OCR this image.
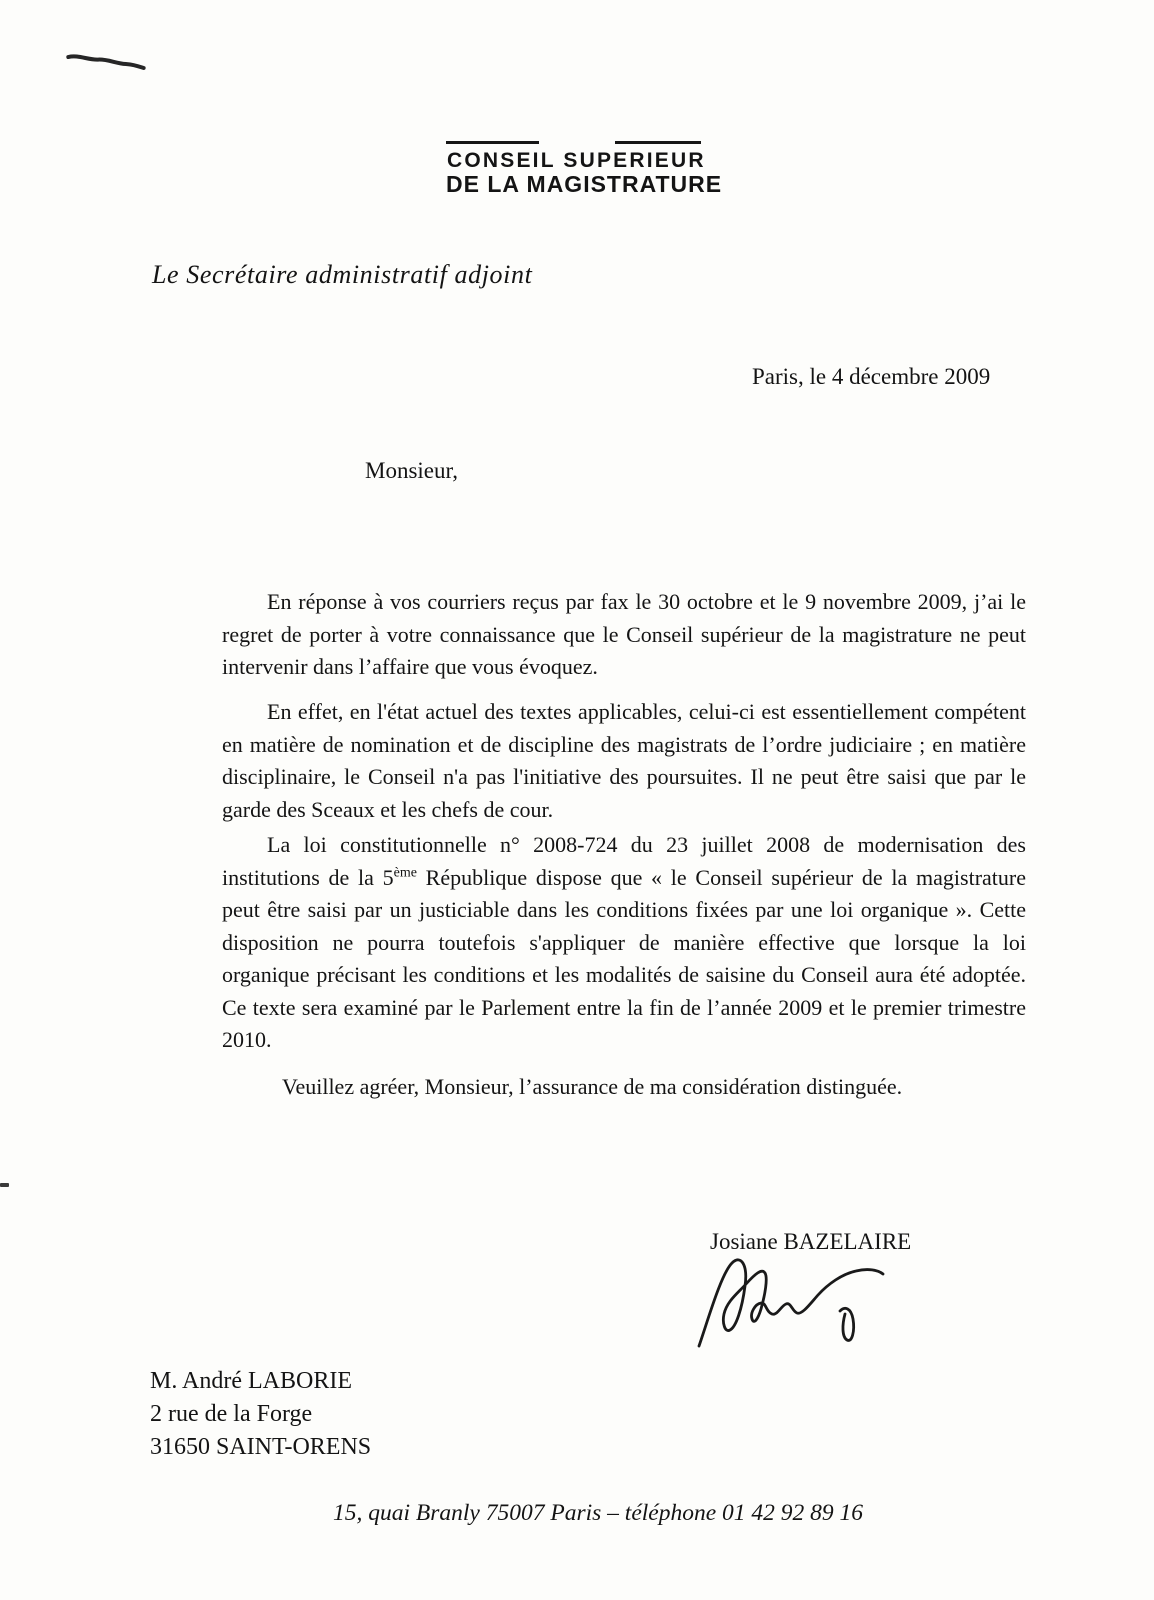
CONSEIL SUPERIEUR
DE LA MAGISTRATURE
Le Secrétaire administratif adjoint
Paris, le 4 décembre 2009
Monsieur,

En réponse à vos courriers reçus par fax le 30 octobre et le 9 novembre 2009, j’ai le regret de porter à votre connaissance que le Conseil supérieur de la magistrature ne peut intervenir dans l’affaire que vous évoquez.

En effet, en l'état actuel des textes applicables, celui-ci est essentiellement compétent en matière de nomination et de discipline des magistrats de l’ordre judiciaire ; en matière disciplinaire, le Conseil n'a pas l'initiative des poursuites. Il ne peut être saisi que par le garde des Sceaux et les chefs de cour.

La loi constitutionnelle n° 2008-724 du 23 juillet 2008 de modernisation des institutions de la 5ème République dispose que « le Conseil supérieur de la magistrature peut être saisi par un justiciable dans les conditions fixées par une loi organique ». Cette disposition ne pourra toutefois s'appliquer de manière effective que lorsque la loi organique précisant les conditions et les modalités de saisine du Conseil aura été adoptée. Ce texte sera examiné par le Parlement entre la fin de l’année 2009 et le premier trimestre 2010.

Veuillez agréer, Monsieur, l’assurance de ma considération distinguée.

Josiane BAZELAIRE
M. André LABORIE
2 rue de la Forge
31650 SAINT-ORENS
15, quai Branly 75007 Paris – téléphone 01 42 92 89 16
